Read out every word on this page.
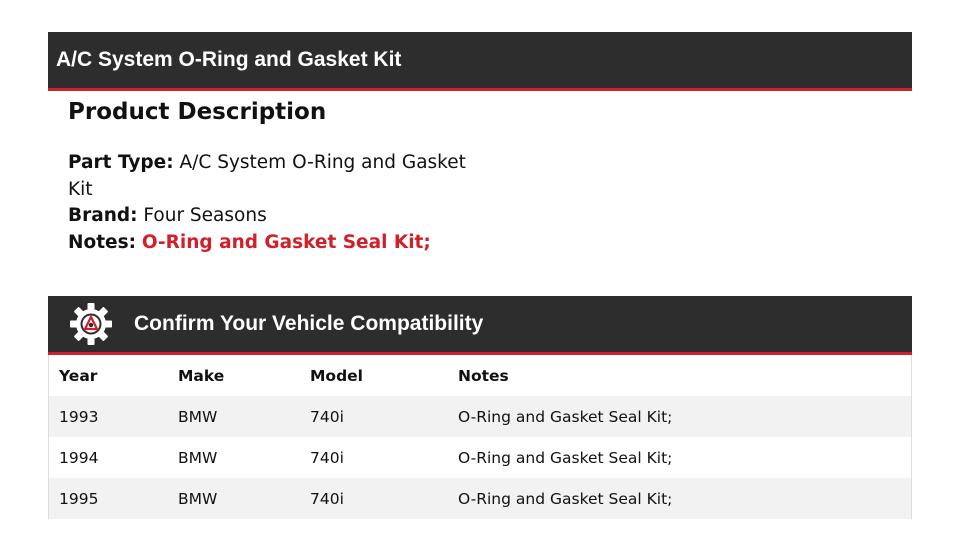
A/C System O-Ring and Gasket Kit
Product Description
Part Type: A/C System O-Ring and Gasket
Kit
Brand: Four Seasons
Notes: O-Ring and Gasket Seal Kit;
Confirm Your Vehicle Compatibility
Year	Make	Model	Notes
1993	BMW	740i	O-Ring and Gasket Seal Kit;
1994	BMW	740i	O-Ring and Gasket Seal Kit;
1995	BMW	740i	O-Ring and Gasket Seal Kit;
